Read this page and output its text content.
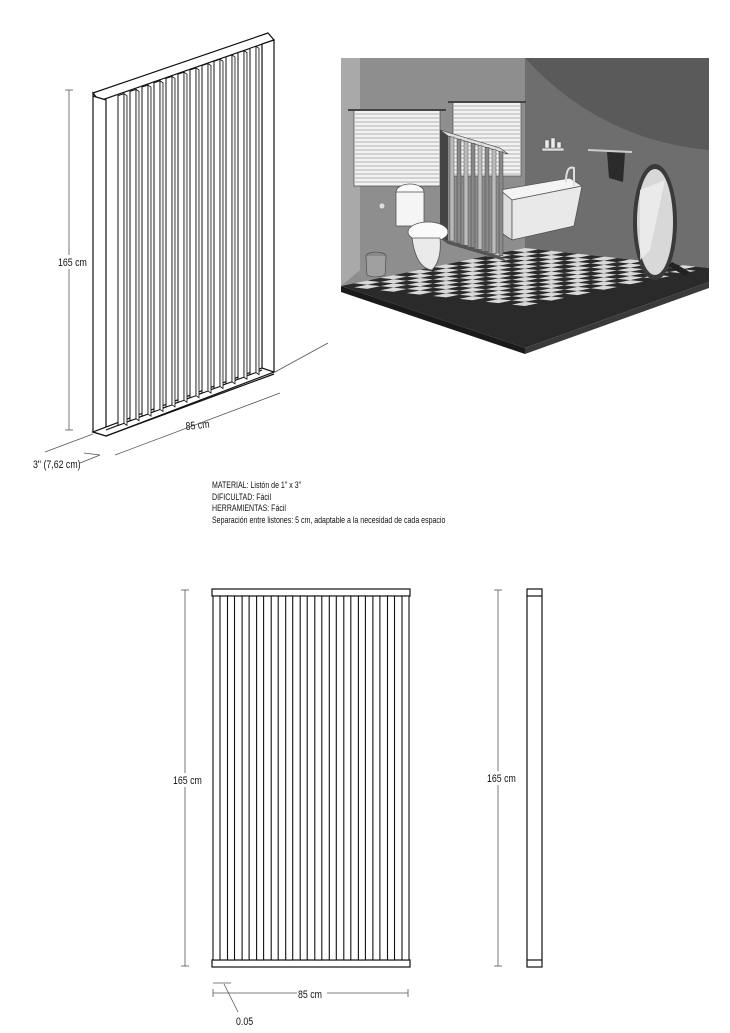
165 cm
85 cm
3" (7,62 cm)
165 cm
85 cm
0.05
165 cm
MATERIAL: Listón de 1" x 3"
DIFICULTAD: Fácil
HERRAMIENTAS: Fácil
Separación entre listones: 5 cm, adaptable a la necesidad de cada espacio
